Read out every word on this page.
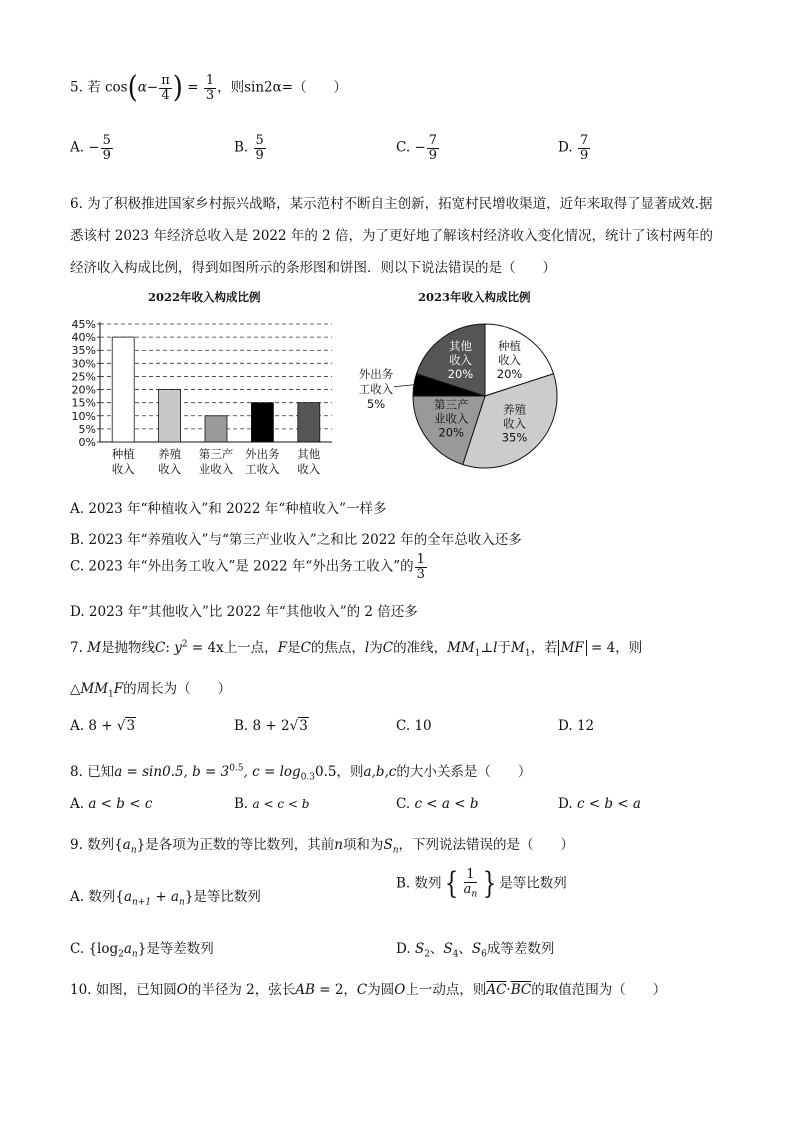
5. 若 $\cos(\alpha- \frac{\pi}{4}$ ) = $\frac{1}{3}$ ，则sin2α=（　　）
A. − $\frac{5}{9}$	B. $\frac{5}{9}$	C. − $\frac{7}{9}$	D. $\frac{7}{9}$
6. 为了积极推进国家乡村振兴战略，某示范村不断自主创新，拓宽村民增收渠道，近年来取得了显著成效.据
悉该村 2023 年经济总收入是 2022 年的 2 倍，为了更好地了解该村经济收入变化情况，统计了该村两年的
经济收入构成比例，得到如图所示的条形图和饼图．则以下说法错误的是（　　）
2022年收入构成比例	2023年收入构成比例
0%
5%
10%
15%
20%
25%
30%
35%
40%
45%
种植
收入
养殖
收入
第三产
业收入
外出务
工收入
其他
收入
种植
收入
20%
养殖
收入
35%
第三产
业收入
20%
外出务
工收入
5%
其他
收入
20%
A. 2023 年“种植收入”和 2022 年“种植收入”一样多
B. 2023 年“养殖收入”与“第三产业收入”之和比 2022 年的全年总收入还多
C. 2023 年“外出务工收入”是 2022 年“外出务工收入”的 $\frac{1}{3}$
D. 2023 年“其他收入”比 2022 年“其他收入”的 2 倍还多
7. M是抛物线C: $y^2 = 4x$上一点，F是C的焦点，l为C的准线，$MM_1\perp l$于$M_1$，若 MF = 4，则
$\triangle MM_1F$的周长为（　　）
A. 8 + √3	B. 8 + 2√3	C. 10	D. 12
8. 已知a = sin0.5, $b = 3^{0.5}$, $c = \log_{0.3}0.5$，则a,b,c的大小关系是（　　）
A. a < b < c	B. a < c < b	C. c < a < b	D. c < b < a
9. 数列$\{a_n\}$是各项为正数的等比数列，其前n项和为$S_n$，下列说法错误的是（　　）
A. 数列$\{a_{n+1} + a_n\}$是等比数列
B. 数列{ $\frac{1}{a_n}$ } 是等比数列
C. $\{\log_2a_n\}$是等差数列	D. $S_2$、$S_4$、$S_6$成等差数列
10. 如图，已知圆O的半径为 2，弦长AB = 2，C为圆O上一动点，则$\overline{AC}\cdot\overline{BC}$的取值范围为（　　）
